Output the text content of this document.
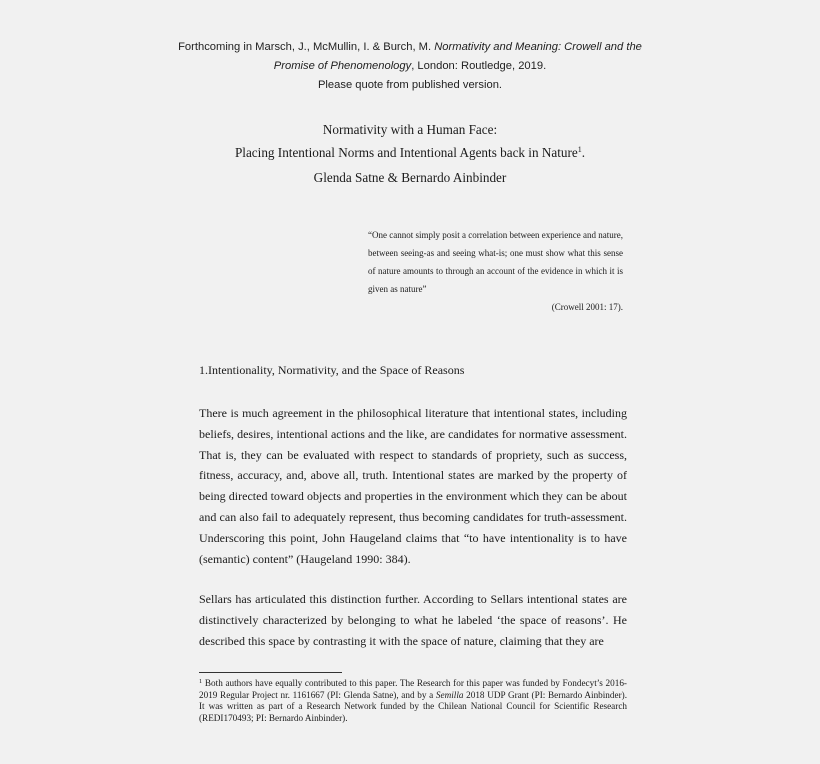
Forthcoming in Marsch, J., McMullin, I. & Burch, M. Normativity and Meaning: Crowell and the Promise of Phenomenology, London: Routledge, 2019.
Please quote from published version.
Normativity with a Human Face:
Placing Intentional Norms and Intentional Agents back in Nature$^1$.
Glenda Satne & Bernardo Ainbinder
“One cannot simply posit a correlation between experience and nature, between seeing-as and seeing what-is; one must show what this sense of nature amounts to through an account of the evidence in which it is given as nature”
(Crowell 2001: 17).
1.Intentionality, Normativity, and the Space of Reasons
There is much agreement in the philosophical literature that intentional states, including beliefs, desires, intentional actions and the like, are candidates for normative assessment. That is, they can be evaluated with respect to standards of propriety, such as success, fitness, accuracy, and, above all, truth. Intentional states are marked by the property of being directed toward objects and properties in the environment which they can be about and can also fail to adequately represent, thus becoming candidates for truth-assessment. Underscoring this point, John Haugeland claims that “to have intentionality is to have (semantic) content” (Haugeland 1990: 384).
Sellars has articulated this distinction further. According to Sellars intentional states are distinctively characterized by belonging to what he labeled ‘the space of reasons’. He described this space by contrasting it with the space of nature, claiming that they are
$^1$ Both authors have equally contributed to this paper. The Research for this paper was funded by Fondecyt’s 2016-2019 Regular Project nr. 1161667 (PI: Glenda Satne), and by a Semilla 2018 UDP Grant (PI: Bernardo Ainbinder). It was written as part of a Research Network funded by the Chilean National Council for Scientific Research (REDI170493; PI: Bernardo Ainbinder).
